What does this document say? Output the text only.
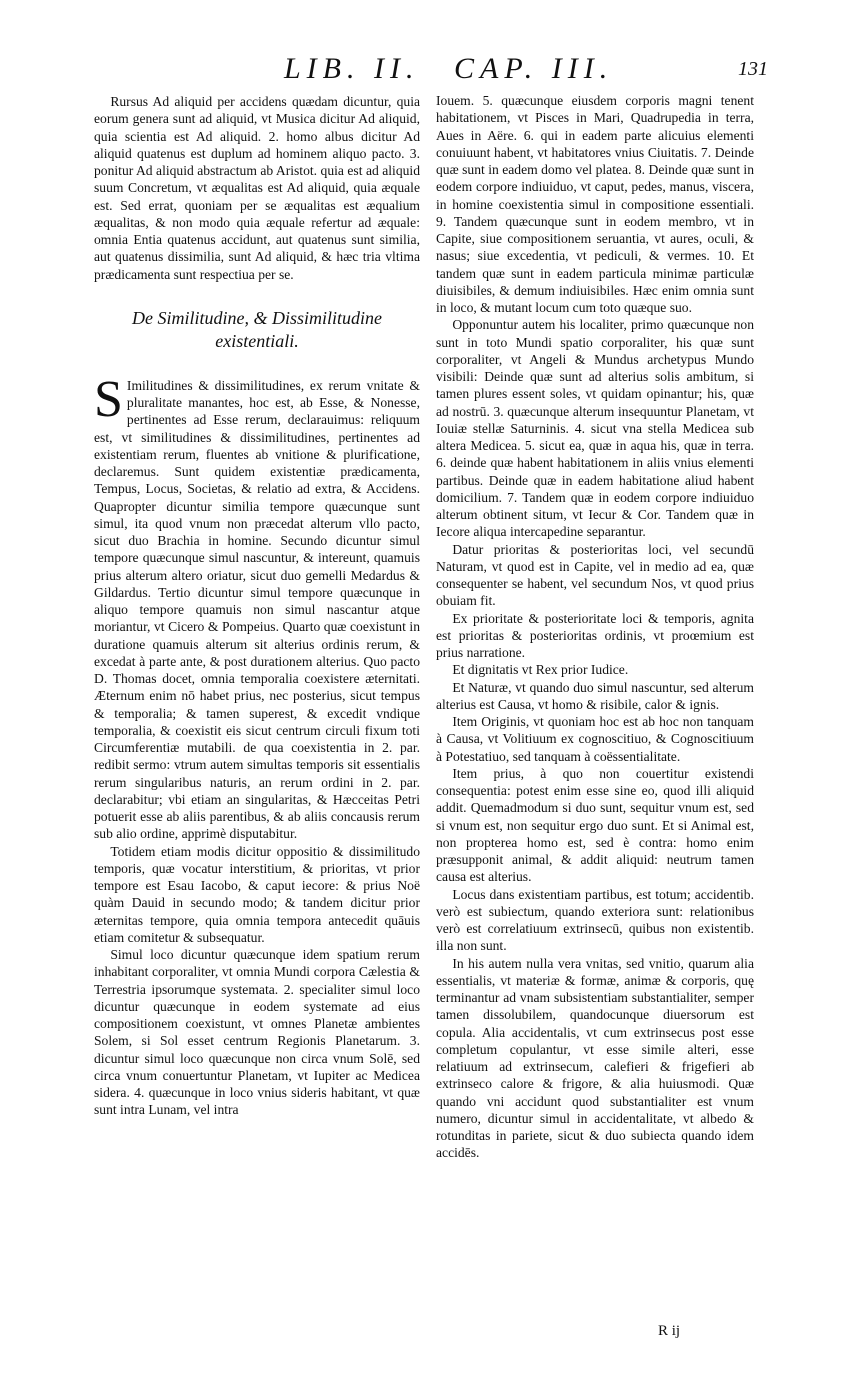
LIB. II. CAP. III.	131

Rursus Ad aliquid per accidens quædam dicuntur, quia eorum genera sunt ad aliquid, vt Musica dicitur Ad aliquid, quia scientia est Ad aliquid. 2. homo albus dicitur Ad aliquid quatenus est duplum ad hominem aliquo pacto. 3. ponitur Ad aliquid abstractum ab Aristot. quia est ad aliquid suum Concretum, vt æqualitas est Ad aliquid, quia æquale est. Sed errat, quoniam per se æqualitas est æqualium æqualitas, & non modo quia æquale refertur ad æquale: omnia Entia quatenus accidunt, aut quatenus sunt similia, aut quatenus dissimilia, sunt Ad aliquid, & hæc tria vltima prædicamenta sunt respectiua per se.

De Similitudine, & Dissimilitudine
existentiali.

S Imilitudines & dissimilitudines, ex rerum vnitate & pluralitate manantes, hoc est, ab Esse, & Nonesse, pertinentes ad Esse rerum, declarauimus: reliquum est, vt similitudines & dissimilitudines, pertinentes ad existentiam rerum, fluentes ab vnitione & plurificatione, declaremus. Sunt quidem existentiæ prædicamenta, Tempus, Locus, Societas, & relatio ad extra, & Accidens. Quapropter dicuntur similia tempore quæcunque sunt simul, ita quod vnum non præcedat alterum vllo pacto, sicut duo Brachia in homine. Secundo dicuntur simul tempore quæcunque simul nascuntur, & intereunt, quamuis prius alterum altero oriatur, sicut duo gemelli Medardus & Gildardus. Tertio dicuntur simul tempore quæcunque in aliquo tempore quamuis non simul nascantur atque moriantur, vt Cicero & Pompeius. Quarto quæ coexistunt in duratione quamuis alterum sit alterius ordinis rerum, & excedat à parte ante, & post durationem alterius. Quo pacto D. Thomas docet, omnia temporalia coexistere æternitati. Æternum enim nō habet prius, nec posterius, sicut tempus & temporalia; & tamen superest, & excedit vndique temporalia, & coexistit eis sicut centrum circuli fixum toti Circumferentiæ mutabili. de qua coexistentia in 2. par. redibit sermo: vtrum autem simultas temporis sit essentialis rerum singularibus naturis, an rerum ordini in 2. par. declarabitur; vbi etiam an singularitas, & Hæcceitas Petri potuerit esse ab aliis parentibus, & ab aliis concausis rerum sub alio ordine, apprimè disputabitur.

Totidem etiam modis dicitur oppositio & dissimilitudo temporis, quæ vocatur interstitium, & prioritas, vt prior tempore est Esau Iacobo, & caput iecore: & prius Noë quàm Dauid in secundo modo; & tandem dicitur prior æternitas tempore, quia omnia tempora antecedit quāuis etiam comitetur & subsequatur.

Simul loco dicuntur quæcunque idem spatium rerum inhabitant corporaliter, vt omnia Mundi corpora Cælestia & Terrestria ipsorumque systemata. 2. specialiter simul loco dicuntur quæcunque in eodem systemate ad eius compositionem coexistunt, vt omnes Planetæ ambientes Solem, si Sol esset centrum Regionis Planetarum. 3. dicuntur simul loco quæcunque non circa vnum Solē, sed circa vnum conuertuntur Planetam, vt Iupiter ac Medicea sidera. 4. quæcunque in loco vnius sideris habitant, vt quæ sunt intra Lunam, vel intra

Iouem. 5. quæcunque eiusdem corporis magni tenent habitationem, vt Pisces in Mari, Quadrupedia in terra, Aues in Aëre. 6. qui in eadem parte alicuius elementi conuiuunt habent, vt habitatores vnius Ciuitatis. 7. Deinde quæ sunt in eadem domo vel platea. 8. Deinde quæ sunt in eodem corpore indiuiduo, vt caput, pedes, manus, viscera, in homine coexistentia simul in compositione essentiali. 9. Tandem quæcunque sunt in eodem membro, vt in Capite, siue compositionem seruantia, vt aures, oculi, & nasus; siue excedentia, vt pediculi, & vermes. 10. Et tandem quæ sunt in eadem particula minimæ particulæ diuisibiles, & demum indiuisibiles. Hæc enim omnia sunt in loco, & mutant locum cum toto quæque suo.

Opponuntur autem his localiter, primo quæcunque non sunt in toto Mundi spatio corporaliter, his quæ sunt corporaliter, vt Angeli & Mundus archetypus Mundo visibili: Deinde quæ sunt ad alterius solis ambitum, si tamen plures essent soles, vt quidam opinantur; his, quæ ad nostrū. 3. quæcunque alterum insequuntur Planetam, vt Iouiæ stellæ Saturninis. 4. sicut vna stella Medicea sub altera Medicea. 5. sicut ea, quæ in aqua his, quæ in terra. 6. deinde quæ habent habitationem in aliis vnius elementi partibus. Deinde quæ in eadem habitatione aliud habent domicilium. 7. Tandem quæ in eodem corpore indiuiduo alterum obtinent situm, vt Iecur & Cor. Tandem quæ in Iecore aliqua intercapedine separantur.

Datur prioritas & posterioritas loci, vel secundū Naturam, vt quod est in Capite, vel in medio ad ea, quæ consequenter se habent, vel secundum Nos, vt quod prius obuiam fit.

Ex prioritate & posterioritate loci & temporis, agnita est prioritas & posterioritas ordinis, vt proœmium est prius narratione.

Et dignitatis vt Rex prior Iudice.

Et Naturæ, vt quando duo simul nascuntur, sed alterum alterius est Causa, vt homo & risibile, calor & ignis.

Item Originis, vt quoniam hoc est ab hoc non tanquam à Causa, vt Volitiuum ex cognoscitiuo, & Cognoscitiuum à Potestatiuo, sed tanquam à coëssentialitate.

Item prius, à quo non couertitur existendi consequentia: potest enim esse sine eo, quod illi aliquid addit. Quemadmodum si duo sunt, sequitur vnum est, sed si vnum est, non sequitur ergo duo sunt. Et si Animal est, non propterea homo est, sed è contra: homo enim præsupponit animal, & addit aliquid: neutrum tamen causa est alterius.

Locus dans existentiam partibus, est totum; accidentib. verò est subiectum, quando exteriora sunt: relationibus verò est correlatiuum extrinsecū, quibus non existentib. illa non sunt.

In his autem nulla vera vnitas, sed vnitio, quarum alia essentialis, vt materiæ & formæ, animæ & corporis, quę terminantur ad vnam subsistentiam substantialiter, semper tamen dissolubilem, quandocunque diuersorum est copula. Alia accidentalis, vt cum extrinsecus post esse completum copulantur, vt esse simile alteri, esse relatiuum ad extrinsecum, calefieri & frigefieri ab extrinseco calore & frigore, & alia huiusmodi. Quæ quando vni accidunt quod substantialiter est vnum numero, dicuntur simul in accidentalitate, vt albedo & rotunditas in pariete, sicut & duo subiecta quando idem accidēs.

R ij
